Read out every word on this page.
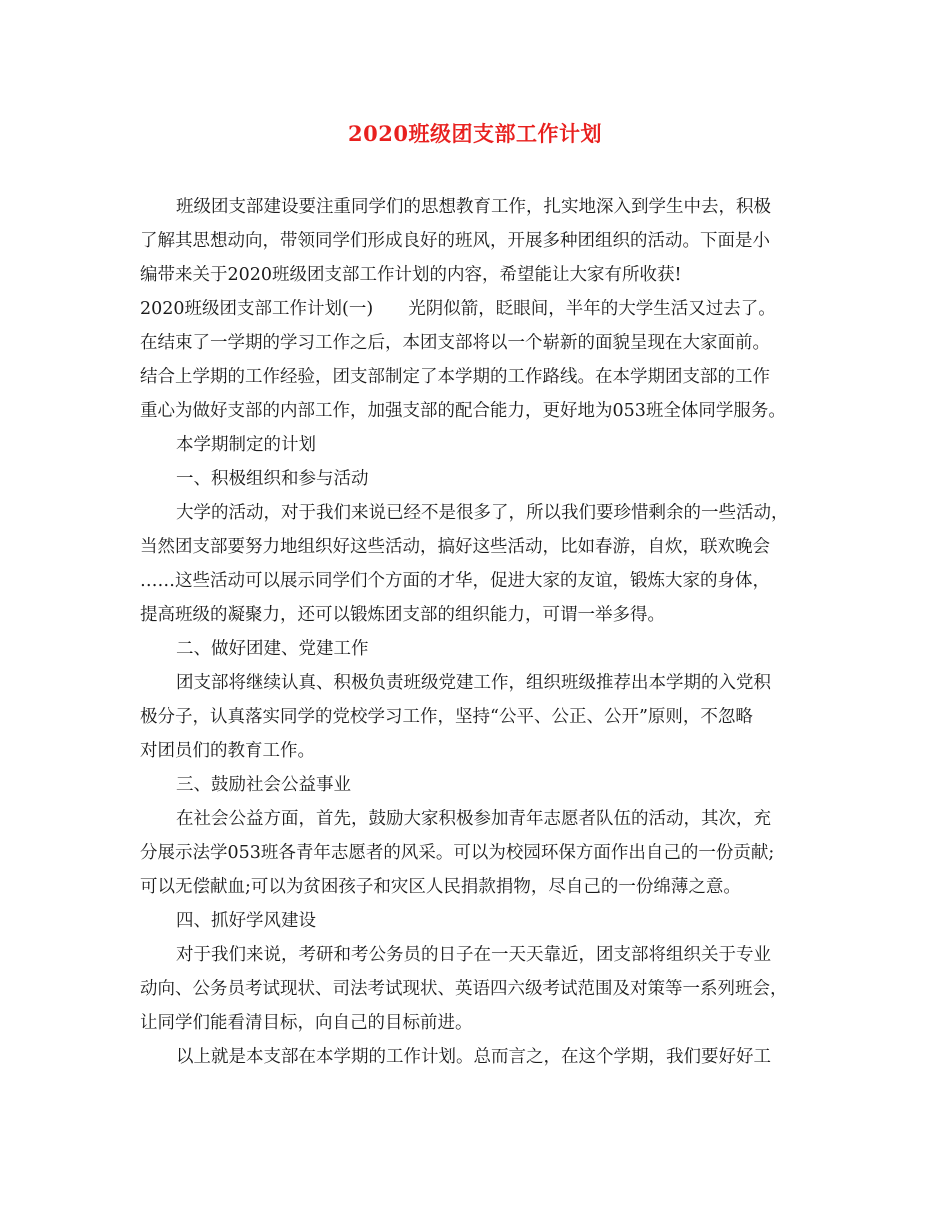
2020班级团支部工作计划
班级团支部建设要注重同学们的思想教育工作，扎实地深入到学生中去，积极
了解其思想动向，带领同学们形成良好的班风，开展多种团组织的活动。下面是小
编带来关于2020班级团支部工作计划的内容，希望能让大家有所收获!
2020班级团支部工作计划(一)　　光阴似箭，眨眼间，半年的大学生活又过去了。
在结束了一学期的学习工作之后，本团支部将以一个崭新的面貌呈现在大家面前。
结合上学期的工作经验，团支部制定了本学期的工作路线。在本学期团支部的工作
重心为做好支部的内部工作，加强支部的配合能力，更好地为053班全体同学服务。
本学期制定的计划
一、积极组织和参与活动
大学的活动，对于我们来说已经不是很多了，所以我们要珍惜剩余的一些活动，
当然团支部要努力地组织好这些活动，搞好这些活动，比如春游，自炊，联欢晚会
……这些活动可以展示同学们个方面的才华，促进大家的友谊，锻炼大家的身体，
提高班级的凝聚力，还可以锻炼团支部的组织能力，可谓一举多得。
二、做好团建、党建工作
团支部将继续认真、积极负责班级党建工作，组织班级推荐出本学期的入党积
极分子，认真落实同学的党校学习工作，坚持“公平、公正、公开”原则，不忽略
对团员们的教育工作。
三、鼓励社会公益事业
在社会公益方面，首先，鼓励大家积极参加青年志愿者队伍的活动，其次，充
分展示法学053班各青年志愿者的风采。可以为校园环保方面作出自己的一份贡献;
可以无偿献血;可以为贫困孩子和灾区人民捐款捐物，尽自己的一份绵薄之意。
四、抓好学风建设
对于我们来说，考研和考公务员的日子在一天天靠近，团支部将组织关于专业
动向、公务员考试现状、司法考试现状、英语四六级考试范围及对策等一系列班会，
让同学们能看清目标，向自己的目标前进。
以上就是本支部在本学期的工作计划。总而言之，在这个学期，我们要好好工
